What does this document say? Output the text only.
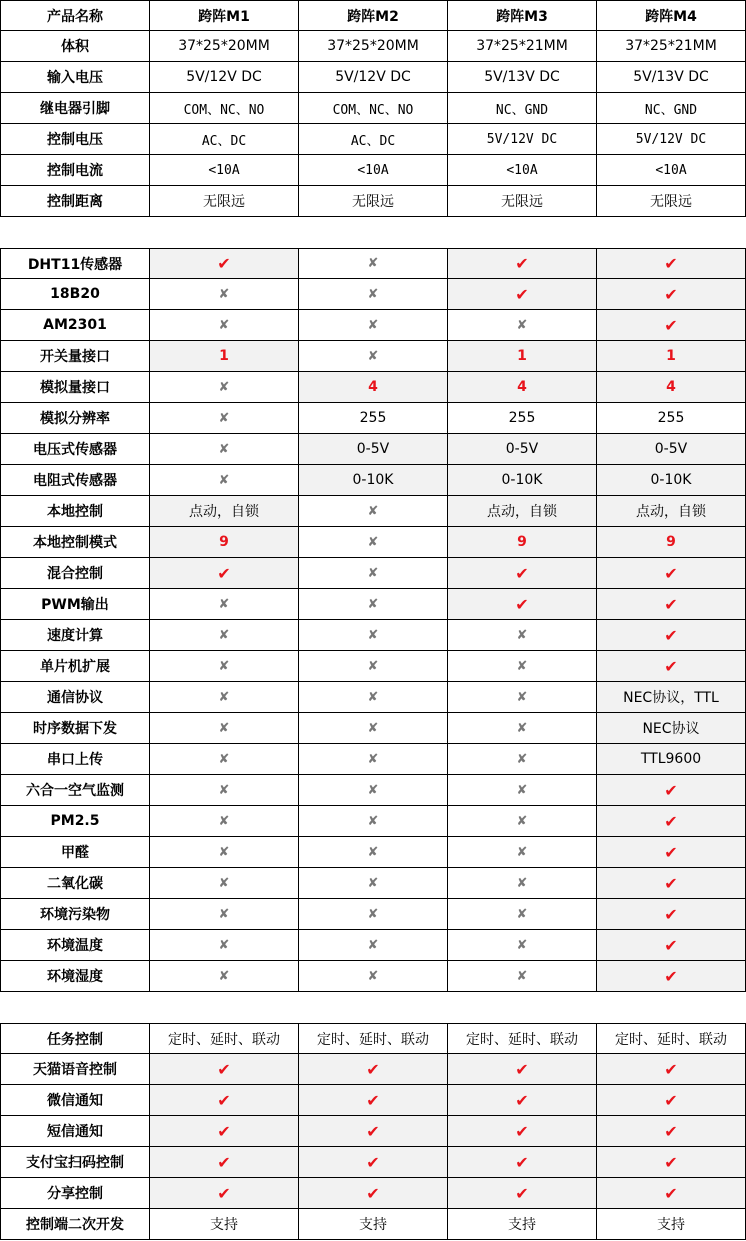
产品名称	跨阵M1	跨阵M2	跨阵M3	跨阵M4
体积	37*25*20MM	37*25*20MM	37*25*21MM	37*25*21MM
输入电压	5V/12V DC	5V/12V DC	5V/13V DC	5V/13V DC
继电器引脚	COM、NC、NO	COM、NC、NO	NC、GND	NC、GND
控制电压	AC、DC	AC、DC	5V/12V DC	5V/12V DC
控制电流	<10A	<10A	<10A	<10A
控制距离	无限远	无限远	无限远	无限远
DHT11传感器	✔	✘	✔	✔
18B20	✘	✘	✔	✔
AM2301	✘	✘	✘	✔
开关量接口	1	✘	1	1
模拟量接口	✘	4	4	4
模拟分辨率	✘	255	255	255
电压式传感器	✘	0-5V	0-5V	0-5V
电阻式传感器	✘	0-10K	0-10K	0-10K
本地控制	点动，自锁	✘	点动，自锁	点动，自锁
本地控制模式	9	✘	9	9
混合控制	✔	✘	✔	✔
PWM输出	✘	✘	✔	✔
速度计算	✘	✘	✘	✔
单片机扩展	✘	✘	✘	✔
通信协议	✘	✘	✘	NEC协议，TTL
时序数据下发	✘	✘	✘	NEC协议
串口上传	✘	✘	✘	TTL9600
六合一空气监测	✘	✘	✘	✔
PM2.5	✘	✘	✘	✔
甲醛	✘	✘	✘	✔
二氧化碳	✘	✘	✘	✔
环境污染物	✘	✘	✘	✔
环境温度	✘	✘	✘	✔
环境湿度	✘	✘	✘	✔
任务控制	定时、延时、联动	定时、延时、联动	定时、延时、联动	定时、延时、联动
天猫语音控制	✔	✔	✔	✔
微信通知	✔	✔	✔	✔
短信通知	✔	✔	✔	✔
支付宝扫码控制	✔	✔	✔	✔
分享控制	✔	✔	✔	✔
控制端二次开发	支持	支持	支持	支持
